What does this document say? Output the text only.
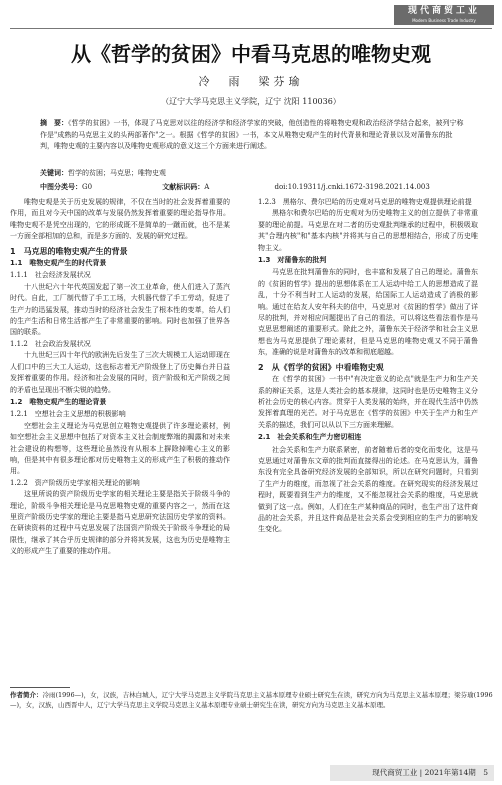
现代商贸工业
Modern Business Trade Industry
从《哲学的贫困》中看马克思的唯物史观
冷　雨　梁芬瑜
（辽宁大学马克思主义学院，辽宁 沈阳 110036）
摘　要：《哲学的贫困》一书，体现了马克思对以往的经济学和经济学家的突破，他创造性的将唯物史观和政治经济学结合起来，被列宁称作是"成熟的马克思主义的头两部著作"之一。根据《哲学的贫困》一书，本文从唯物史观产生的时代背景和理论背景以及对蒲鲁东的批判，唯物史观的主要内容以及唯物史观形成的意义这三个方面来进行阐述。
关键词：哲学的贫困；马克思；唯物史观
中图分类号：G0	文献标识码：A	doi:10.19311/j.cnki.1672-3198.2021.14.003

唯物史观是关于历史发展的规律，不仅在当时的社会发挥着重要的作用，而且对今天中国的改革与发展仍然发挥着重要的理论指导作用。唯物史观不是凭空出现的，它的形成既不是简单的一蹴而就，也不是某一方面全部相加的总和，而是多方面的、发展的研究过程。

1　马克思的唯物史观产生的背景
1.1　唯物史观产生的时代背景
1.1.1　社会经济发展状况

十八世纪六十年代英国发起了第一次工业革命，使人们进入了蒸汽时代。自此，工厂制代替了手工工场，大机器代替了手工劳动，促进了生产力的迅猛发展，推动当时的经济社会发生了根本性的变革，给人们的生产生活和日常生活都产生了非常重要的影响。同时也加强了世界各国的联系。

1.1.2　社会政治发展状况

十九世纪三四十年代的欧洲先后发生了三次大规模工人运动即现在人们口中的三大工人运动，这也标志着无产阶级登上了历史舞台并日益发挥着重要的作用。经济和社会发展的同时，资产阶级和无产阶级之间的矛盾也呈现出不断尖锐的趋势。

1.2　唯物史观产生的理论背景
1.2.1　空想社会主义思想的积极影响

空想社会主义理论为马克思创立唯物史观提供了许多理论素材，例如空想社会主义思想中包括了对资本主义社会制度弊端的揭露和对未来社会建设的构想等，这些理论虽然没有从根本上摒除掉唯心主义的影响，但是其中有很多理论都对历史唯物主义的形成产生了积极的推动作用。

1.2.2　资产阶级历史学家相关理论的影响

这里所说的资产阶级历史学家的相关理论主要是指关于阶级斗争的理论，阶级斗争相关理论是马克思唯物史观的重要内容之一，然而在这里资产阶级历史学家的理论主要是指马克思研究法国历史学家的资料。在研读资料的过程中马克思发展了法国资产阶级关于阶级斗争理论的局限性，继承了其合乎历史规律的部分并将其发展，这也为历史是唯物主义的形成产生了重要的推动作用。

1.2.3　黑格尔、费尔巴哈的历史观对马克思的唯物史观提供理论前提

黑格尔和费尔巴哈的历史观对为历史唯物主义的创立提供了非常重要的理论前提。马克思在对二者的历史观批判继承的过程中，积极吸取其"合理内核"和"基本内核"并将其与自己的思想相结合，形成了历史唯物主义。

1.3　对蒲鲁东的批判

马克思在批判蒲鲁东的同时，也丰富和发展了自己的理论。蒲鲁东的《贫困的哲学》提出的思想体系在工人运动中给工人的思想造成了混乱，十分不利当时工人运动的发展，给国际工人运动造成了消极的影响。通过在给友人安年科夫的信中，马克思对《贫困的哲学》做出了详尽的批判，并对相应问题提出了自己的看法，可以将这些看法看作是马克思思想阐述的重要形式。除此之外，蒲鲁东关于经济学和社会主义思想也为马克思提供了理论素材，但是马克思的唯物史观又不同于蒲鲁东，准确的说是对蒲鲁东的改革和彻底超越。

2　从《哲学的贫困》中看唯物史观

在《哲学的贫困》一书中"有决定意义的论点"就是生产力和生产关系的辩证关系，这是人类社会的基本规律，这同时也是历史唯物主义分析社会历史的核心内容。贯穿于人类发展的始终，并在现代生活中仍然发挥着真理的光芒。对于马克思在《哲学的贫困》中关于生产力和生产关系的描述，我们可以从以下三方面来理解。

2.1　社会关系和生产力密切相连

社会关系和生产力联系紧密，前者随着后者的变化而变化，这是马克思通过对蒲鲁东文章的批判而直接得出的论述。在马克思认为，蒲鲁东没有完全具备研究经济发展的全部知识，所以在研究问题时，只看到了生产力的维度，而忽视了社会关系的维度。在研究现实的经济发展过程时，既要看到生产力的维度，又不能忽视社会关系的维度，马克思就做到了这一点。例如，人们在生产某种商品的同时，也生产出了这件商品的社会关系，并且这件商品是社会关系会受到相应的生产力的影响发生变化。

作者简介：冷雨(1996—)，女，汉族，吉林白城人，辽宁大学马克思主义学院马克思主义基本原理专业硕士研究生在读，研究方向为马克思主义基本原理；梁芬瑜(1996—)，女，汉族，山西晋中人，辽宁大学马克思主义学院马克思主义基本原理专业硕士研究生在读，研究方向为马克思主义基本原理。
现代商贸工业 | 2021年第14期　5
